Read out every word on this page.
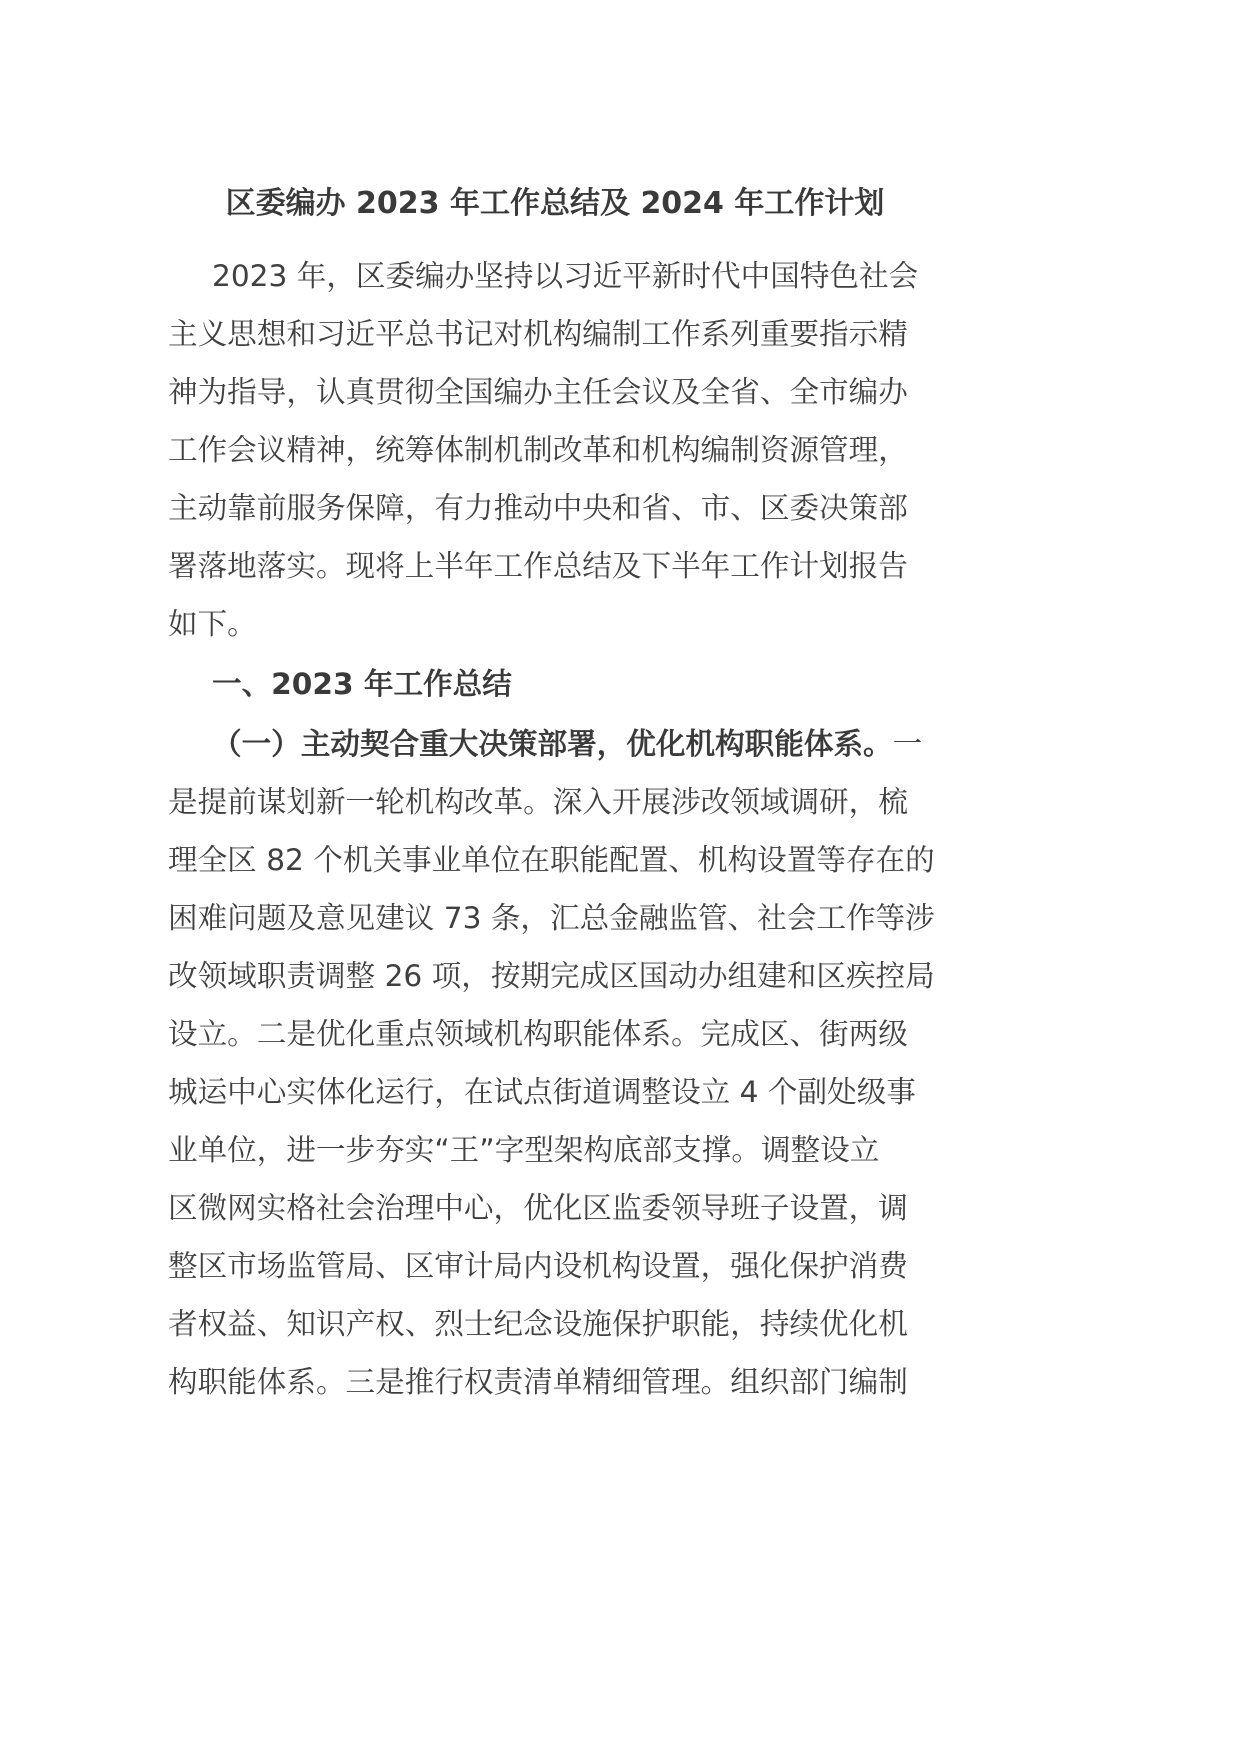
区委编办 2023 年工作总结及 2024 年工作计划
2023 年，区委编办坚持以习近平新时代中国特色社会
主义思想和习近平总书记对机构编制工作系列重要指示精
神为指导，认真贯彻全国编办主任会议及全省、全市编办
工作会议精神，统筹体制机制改革和机构编制资源管理，
主动靠前服务保障，有力推动中央和省、市、区委决策部
署落地落实。现将上半年工作总结及下半年工作计划报告
如下。
一、2023 年工作总结
（一）主动契合重大决策部署，优化机构职能体系。一
是提前谋划新一轮机构改革。深入开展涉改领域调研，梳
理全区 82 个机关事业单位在职能配置、机构设置等存在的
困难问题及意见建议 73 条，汇总金融监管、社会工作等涉
改领域职责调整 26 项，按期完成区国动办组建和区疾控局
设立。二是优化重点领域机构职能体系。完成区、街两级
城运中心实体化运行，在试点街道调整设立 4 个副处级事
业单位，进一步夯实“王”字型架构底部支撑。调整设立
区微网实格社会治理中心，优化区监委领导班子设置，调
整区市场监管局、区审计局内设机构设置，强化保护消费
者权益、知识产权、烈士纪念设施保护职能，持续优化机
构职能体系。三是推行权责清单精细管理。组织部门编制
